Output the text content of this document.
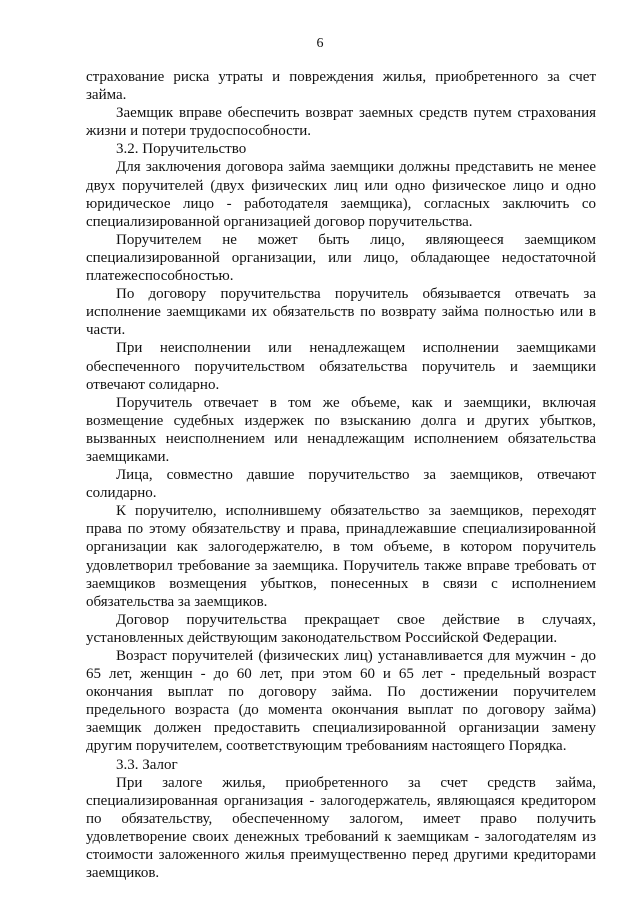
6

страхование риска утраты и повреждения жилья, приобретенного за счет займа.

Заемщик вправе обеспечить возврат заемных средств путем страхования жизни и потери трудоспособности.

3.2. Поручительство

Для заключения договора займа заемщики должны представить не менее двух поручителей (двух физических лиц или одно физическое лицо и одно юридическое лицо - работодателя заемщика), согласных заключить со специализированной организацией договор поручительства.

Поручителем не может быть лицо, являющееся заемщиком специализированной организации, или лицо, обладающее недостаточной платежеспособностью.

По договору поручительства поручитель обязывается отвечать за исполнение заемщиками их обязательств по возврату займа полностью или в части.

При неисполнении или ненадлежащем исполнении заемщиками обеспеченного поручительством обязательства поручитель и заемщики отвечают солидарно.

Поручитель отвечает в том же объеме, как и заемщики, включая возмещение судебных издержек по взысканию долга и других убытков, вызванных неисполнением или ненадлежащим исполнением обязательства заемщиками.

Лица, совместно давшие поручительство за заемщиков, отвечают солидарно.

К поручителю, исполнившему обязательство за заемщиков, переходят права по этому обязательству и права, принадлежавшие специализированной организации как залогодержателю, в том объеме, в котором поручитель удовлетворил требование за заемщика. Поручитель также вправе требовать от заемщиков возмещения убытков, понесенных в связи с исполнением обязательства за заемщиков.

Договор поручительства прекращает свое действие в случаях, установленных действующим законодательством Российской Федерации.

Возраст поручителей (физических лиц) устанавливается для мужчин - до 65 лет, женщин - до 60 лет, при этом 60 и 65 лет - предельный возраст окончания выплат по договору займа. По достижении поручителем предельного возраста (до момента окончания выплат по договору займа) заемщик должен предоставить специализированной организации замену другим поручителем, соответствующим требованиям настоящего Порядка.

3.3. Залог

При залоге жилья, приобретенного за счет средств займа, специализированная организация - залогодержатель, являющаяся кредитором по обязательству, обеспеченному залогом, имеет право получить удовлетворение своих денежных требований к заемщикам - залогодателям из стоимости заложенного жилья преимущественно перед другими кредиторами заемщиков.
